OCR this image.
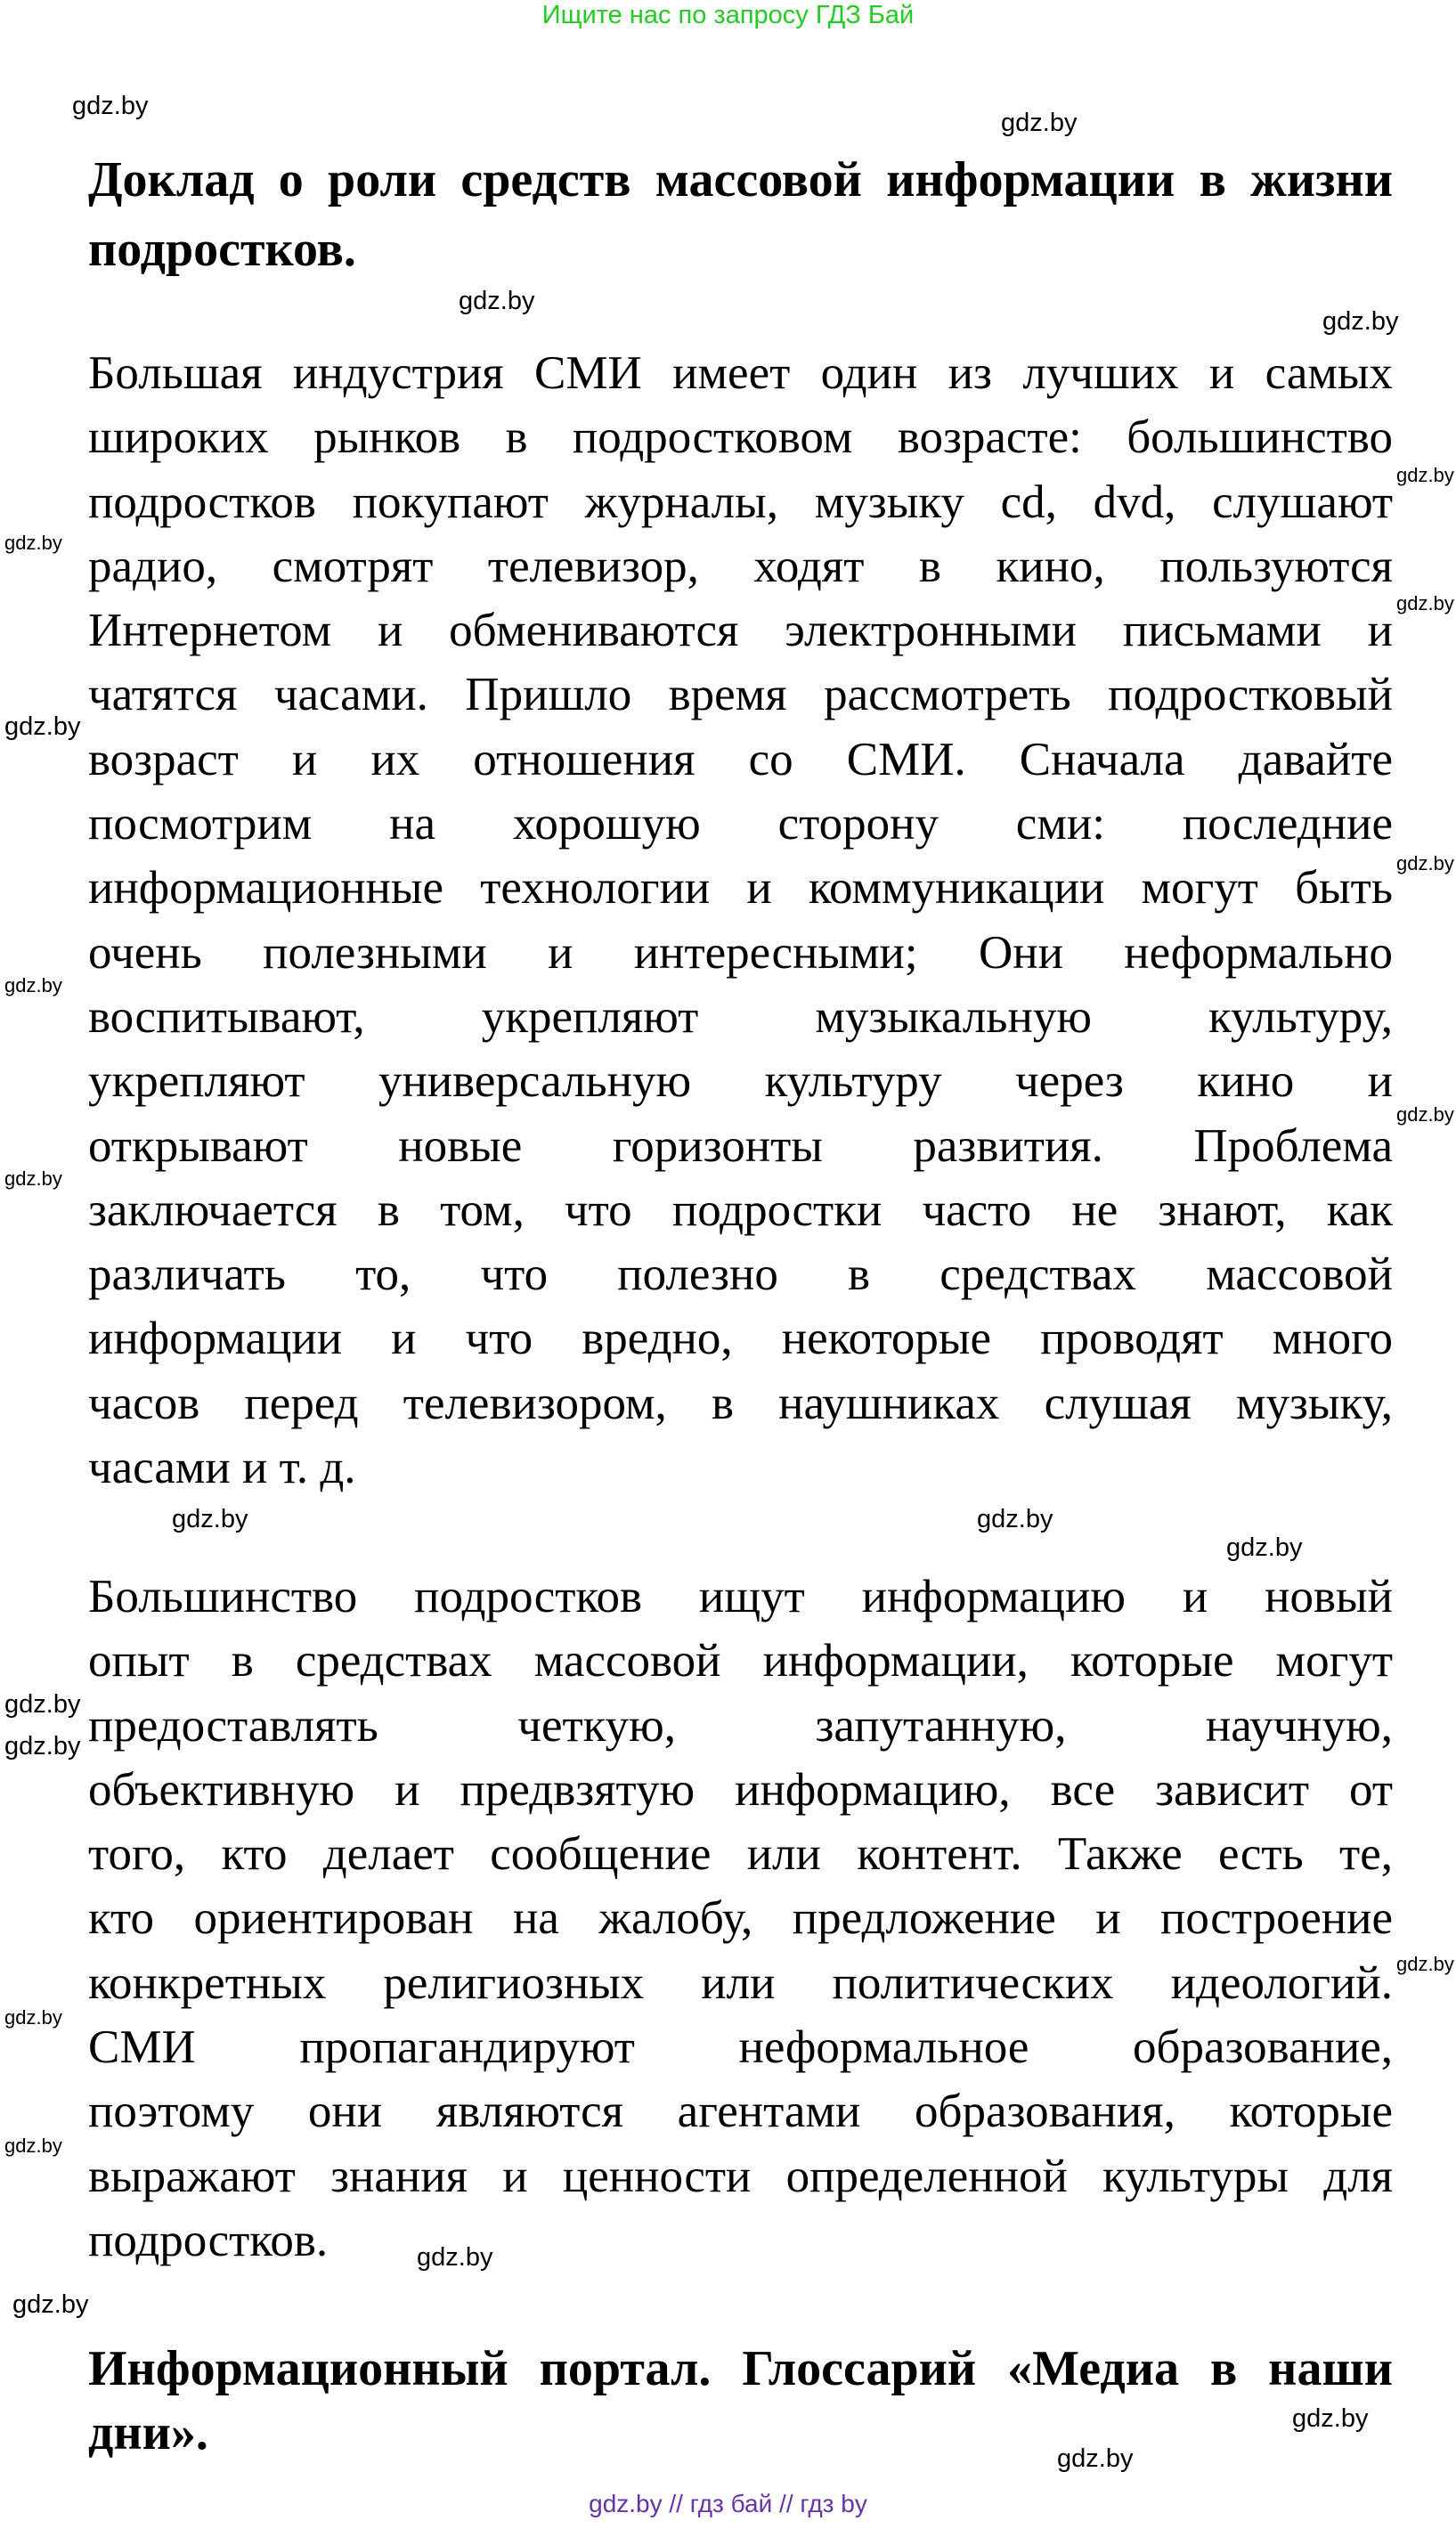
Ищите нас по запросу ГДЗ Бай
Доклад о роли средств массовой информации в жизни
подростков.
Большая индустрия СМИ имеет один из лучших и самых
широких рынков в подростковом возрасте: большинство
подростков покупают журналы, музыку cd, dvd, слушают
радио, смотрят телевизор, ходят в кино, пользуются
Интернетом и обмениваются электронными письмами и
чатятся часами. Пришло время рассмотреть подростковый
возраст и их отношения со СМИ. Сначала давайте
посмотрим на хорошую сторону сми: последние
информационные технологии и коммуникации могут быть
очень полезными и интересными; Они неформально
воспитывают, укрепляют музыкальную культуру,
укрепляют универсальную культуру через кино и
открывают новые горизонты развития. Проблема
заключается в том, что подростки часто не знают, как
различать то, что полезно в средствах массовой
информации и что вредно, некоторые проводят много
часов перед телевизором, в наушниках слушая музыку,
часами и т. д.
Большинство подростков ищут информацию и новый
опыт в средствах массовой информации, которые могут
предоставлять четкую, запутанную, научную,
объективную и предвзятую информацию, все зависит от
того, кто делает сообщение или контент. Также есть те,
кто ориентирован на жалобу, предложение и построение
конкретных религиозных или политических идеологий.
СМИ пропагандируют неформальное образование,
поэтому они являются агентами образования, которые
выражают знания и ценности определенной культуры для
подростков.
Информационный портал. Глоссарий «Медиа в наши
дни».
gdz.by
gdz.by
gdz.by
gdz.by
gdz.by
gdz.by
gdz.by
gdz.by
gdz.by
gdz.by
gdz.by
gdz.by
gdz.by
gdz.by
gdz.by
gdz.by
gdz.by
gdz.by
gdz.by
gdz.by
gdz.by
gdz.by
gdz.by
gdz.by
gdz.by // гдз бай // гдз by
